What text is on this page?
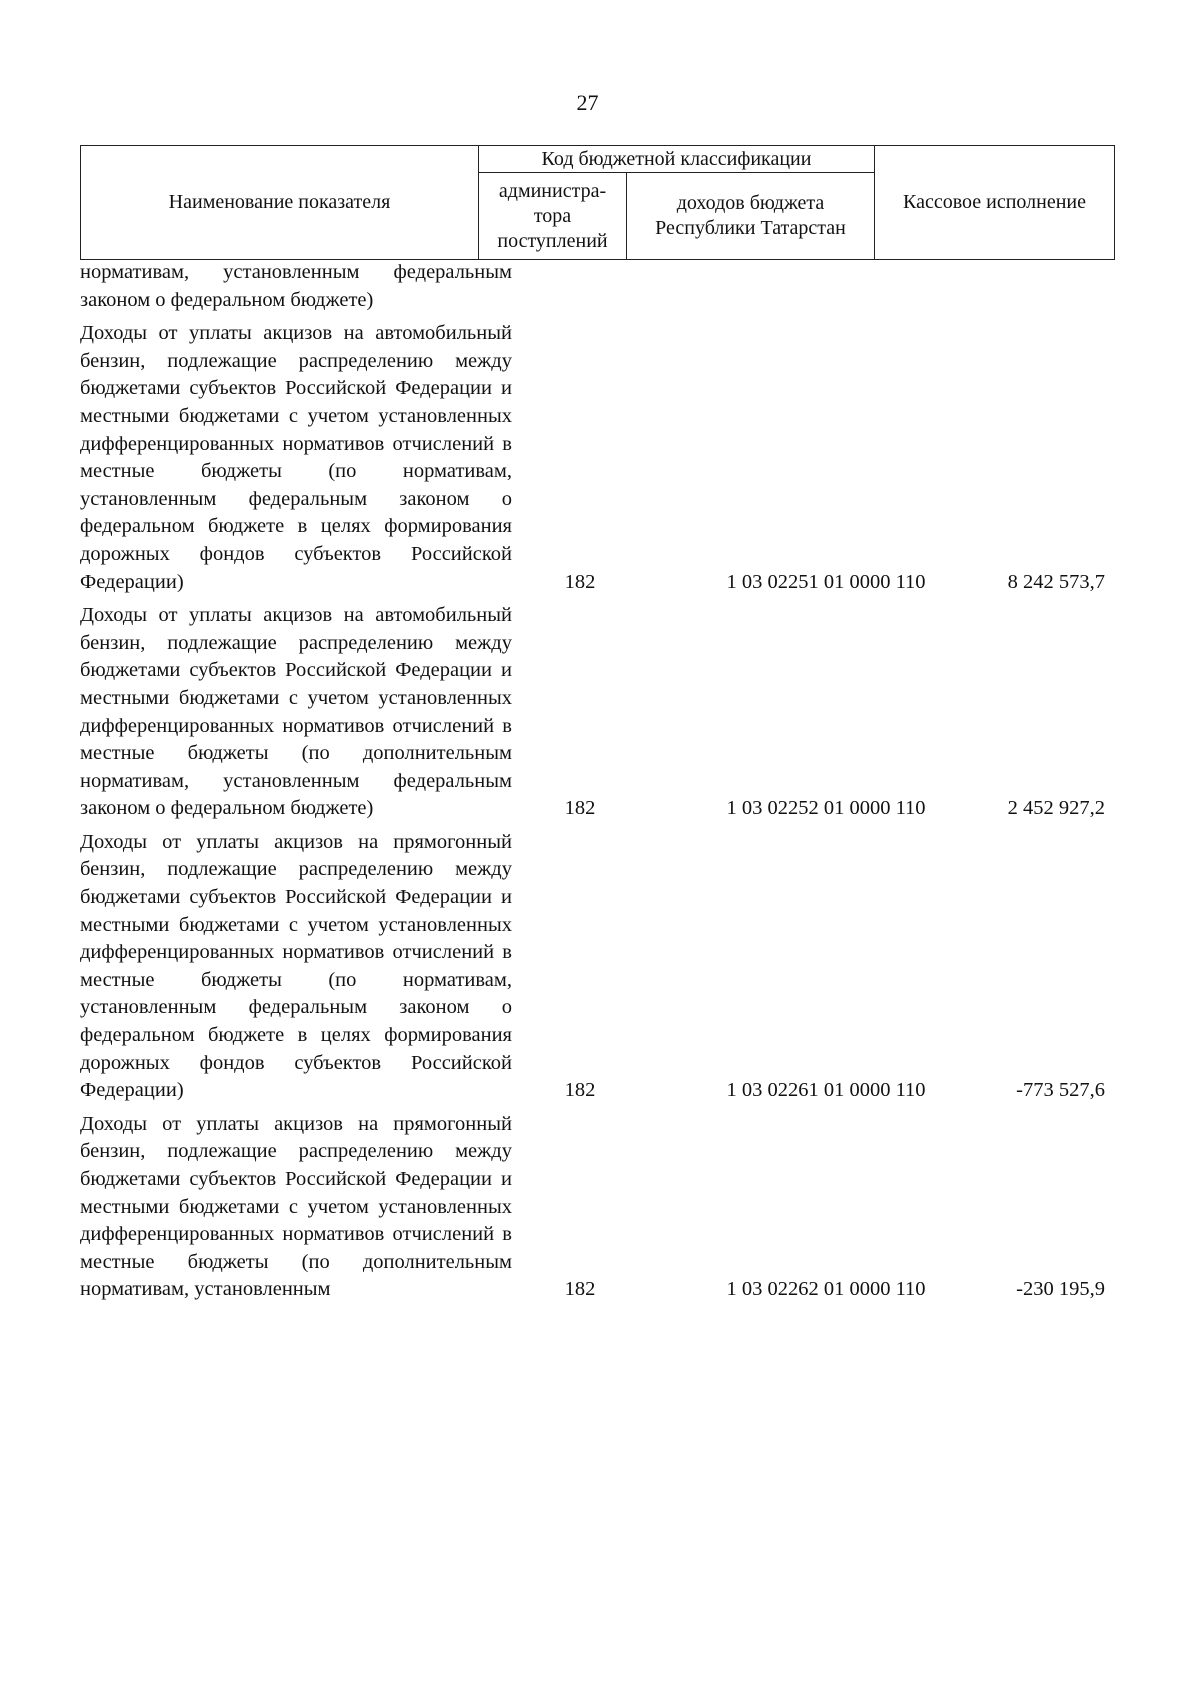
27
Наименование показателя	Код бюджетной классификации		Кассовое исполнение
	администра-тора поступлений	доходов бюджета Республики Татарстан	
нормативам, установленным федеральным законом о федеральном бюджете)
Доходы от уплаты акцизов на автомобильный бензин, подлежащие распределению между бюджетами субъектов Российской Федерации и местными бюджетами с учетом установленных дифференцированных нормативов отчислений в местные бюджеты (по нормативам, установленным федеральным законом о федеральном бюджете в целях формирования дорожных фондов субъектов Российской Федерации)	182	1 03 02251 01 0000 110	8 242 573,7
Доходы от уплаты акцизов на автомобильный бензин, подлежащие распределению между бюджетами субъектов Российской Федерации и местными бюджетами с учетом установленных дифференцированных нормативов отчислений в местные бюджеты (по дополнительным нормативам, установленным федеральным законом о федеральном бюджете)	182	1 03 02252 01 0000 110	2 452 927,2
Доходы от уплаты акцизов на прямогонный бензин, подлежащие распределению между бюджетами субъектов Российской Федерации и местными бюджетами с учетом установленных дифференцированных нормативов отчислений в местные бюджеты (по нормативам, установленным федеральным законом о федеральном бюджете в целях формирования дорожных фондов субъектов Российской Федерации)	182	1 03 02261 01 0000 110	-773 527,6
Доходы от уплаты акцизов на прямогонный бензин, подлежащие распределению между бюджетами субъектов Российской Федерации и местными бюджетами с учетом установленных дифференцированных нормативов отчислений в местные бюджеты (по дополнительным нормативам, установленным	182	1 03 02262 01 0000 110	-230 195,9
